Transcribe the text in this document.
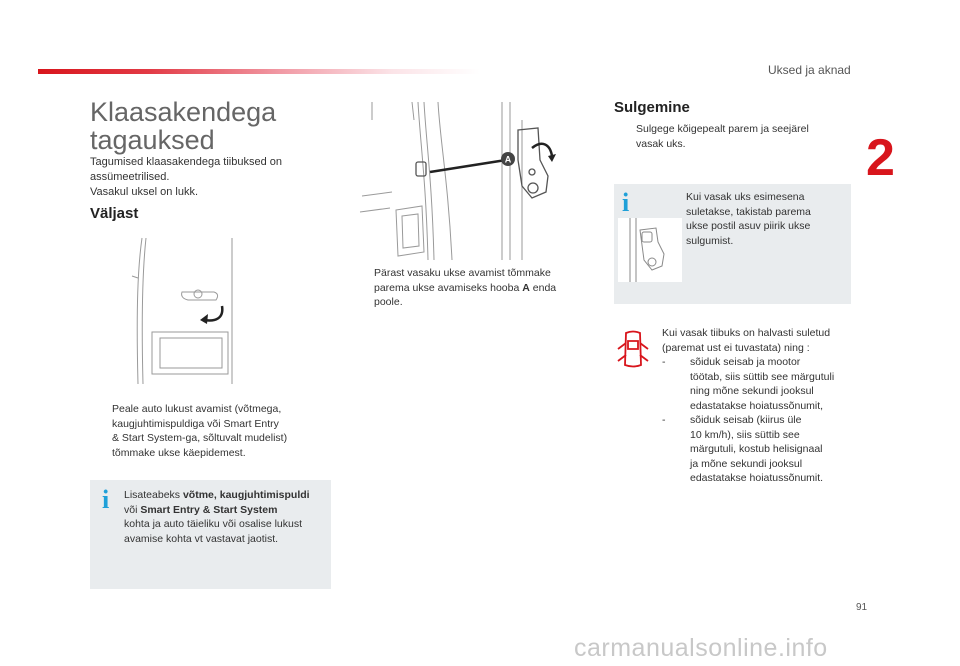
Uksed ja aknad
2
Klaasakendega
tagauksed
Tagumised klaasakendega tiibuksed on
assümeetrilised.
Vasakul uksel on lukk.
Väljast
Peale auto lukust avamist (võtmega,
kaugjuhtimispuldiga või Smart Entry
& Start System-ga, sõltuvalt mudelist)
tõmmake ukse käepidemest.
i Lisateabeks võtme, kaugjuhtimispuldi
või Smart Entry & Start System
kohta ja auto täieliku või osalise lukust
avamise kohta vt vastavat jaotist.
A
Pärast vasaku ukse avamist tõmmake
parema ukse avamiseks hooba A enda
poole.
Sulgemine
Sulgege kõigepealt parem ja seejärel
vasak uks.
i	Kui vasak uks esimesena
suletakse, takistab parema
ukse postil asuv piirik ukse
sulgumist.
Kui vasak tiibuks on halvasti suletud
(paremat ust ei tuvastata) ning :
- sõiduk seisab ja mootor
töötab, siis süttib see märgutuli
ning mõne sekundi jooksul
edastatakse hoiatussõnumit,
- sõiduk seisab (kiirus üle
10 km/h), siis süttib see
märgutuli, kostub helisignaal
ja mõne sekundi jooksul
edastatakse hoiatussõnumit.
91
carmanualsonline.info
